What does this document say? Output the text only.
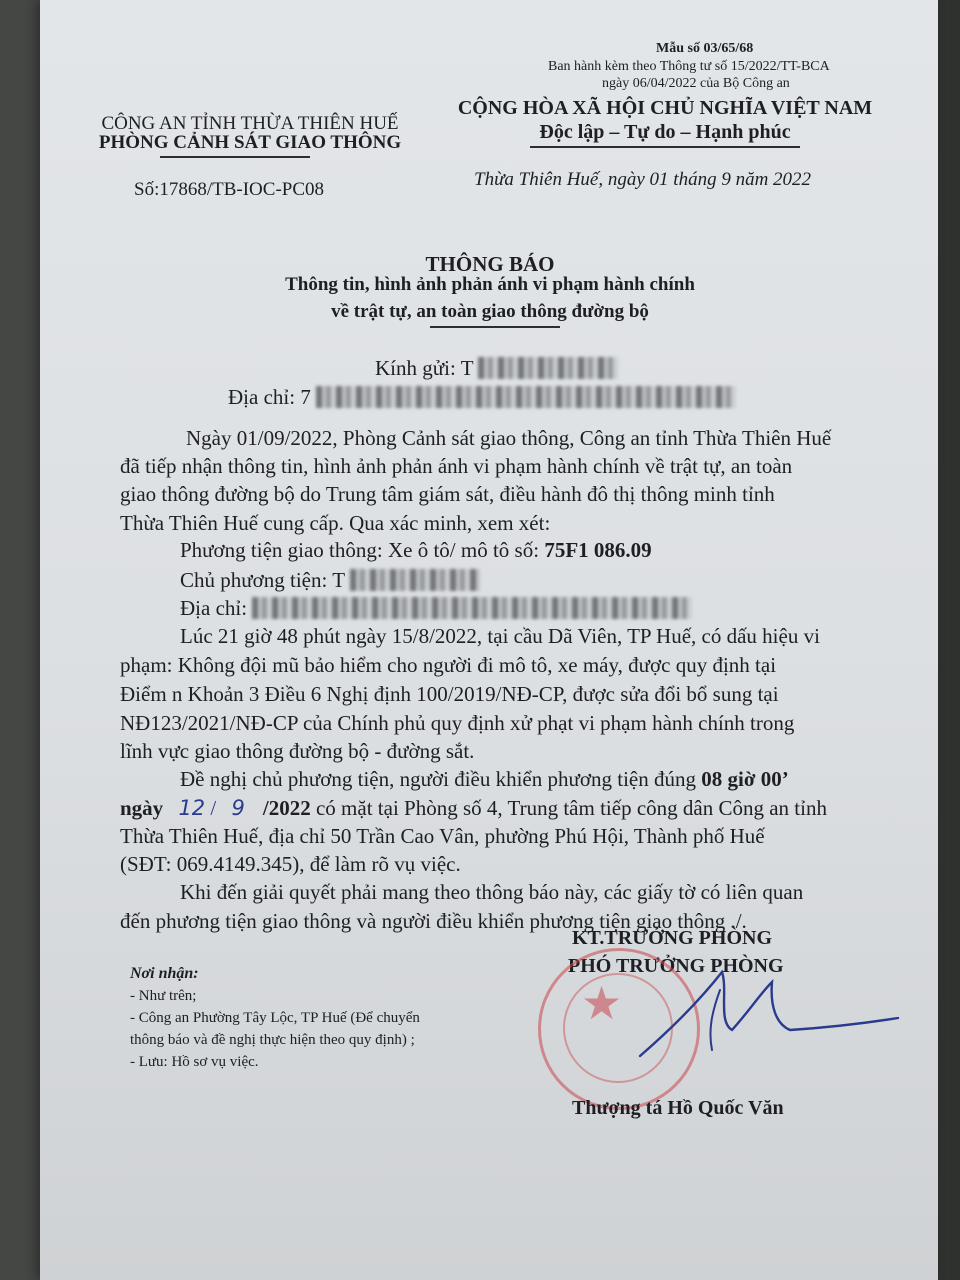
Mẫu số 03/65/68
Ban hành kèm theo Thông tư số 15/2022/TT-BCA
ngày 06/04/2022 của Bộ Công an
CÔNG AN TỈNH THỪA THIÊN HUẾ
PHÒNG CẢNH SÁT GIAO THÔNG
Số:17868/TB-IOC-PC08
CỘNG HÒA XÃ HỘI CHỦ NGHĨA VIỆT NAM
Độc lập – Tự do – Hạnh phúc
Thừa Thiên Huế, ngày 01 tháng 9 năm 2022
THÔNG BÁO
Thông tin, hình ảnh phản ánh vi phạm hành chính
về trật tự, an toàn giao thông đường bộ
Kính gửi: T
Địa chỉ: 7
Ngày 01/09/2022, Phòng Cảnh sát giao thông, Công an tỉnh Thừa Thiên Huế
đã tiếp nhận thông tin, hình ảnh phản ánh vi phạm hành chính về trật tự, an toàn
giao thông đường bộ do Trung tâm giám sát, điều hành đô thị thông minh tỉnh
Thừa Thiên Huế cung cấp. Qua xác minh, xem xét:
Phương tiện giao thông: Xe ô tô/ mô tô số: 75F1 086.09
Chủ phương tiện: T
Địa chỉ:
Lúc 21 giờ 48 phút ngày 15/8/2022, tại cầu Dã Viên, TP Huế, có dấu hiệu vi
phạm: Không đội mũ bảo hiểm cho người đi mô tô, xe máy, được quy định tại
Điểm n Khoản 3 Điều 6 Nghị định 100/2019/NĐ-CP, được sửa đổi bổ sung tại
NĐ123/2021/NĐ-CP của Chính phủ quy định xử phạt vi phạm hành chính trong
lĩnh vực giao thông đường bộ - đường sắt.
Đề nghị chủ phương tiện, người điều khiển phương tiện đúng 08 giờ 00’
ngày 12 / 9 /2022 có mặt tại Phòng số 4, Trung tâm tiếp công dân Công an tỉnh
Thừa Thiên Huế, địa chỉ 50 Trần Cao Vân, phường Phú Hội, Thành phố Huế
(SĐT: 069.4149.345), để làm rõ vụ việc.
Khi đến giải quyết phải mang theo thông báo này, các giấy tờ có liên quan
đến phương tiện giao thông và người điều khiển phương tiện giao thông ./.
Nơi nhận:
- Như trên;
- Công an Phường Tây Lộc, TP Huế (Để chuyển
thông báo và đề nghị thực hiện theo quy định) ;
- Lưu: Hồ sơ vụ việc.
KT.TRƯỞNG PHÒNG
PHÓ TRƯỞNG PHÒNG
★
Thượng tá Hồ Quốc Văn
